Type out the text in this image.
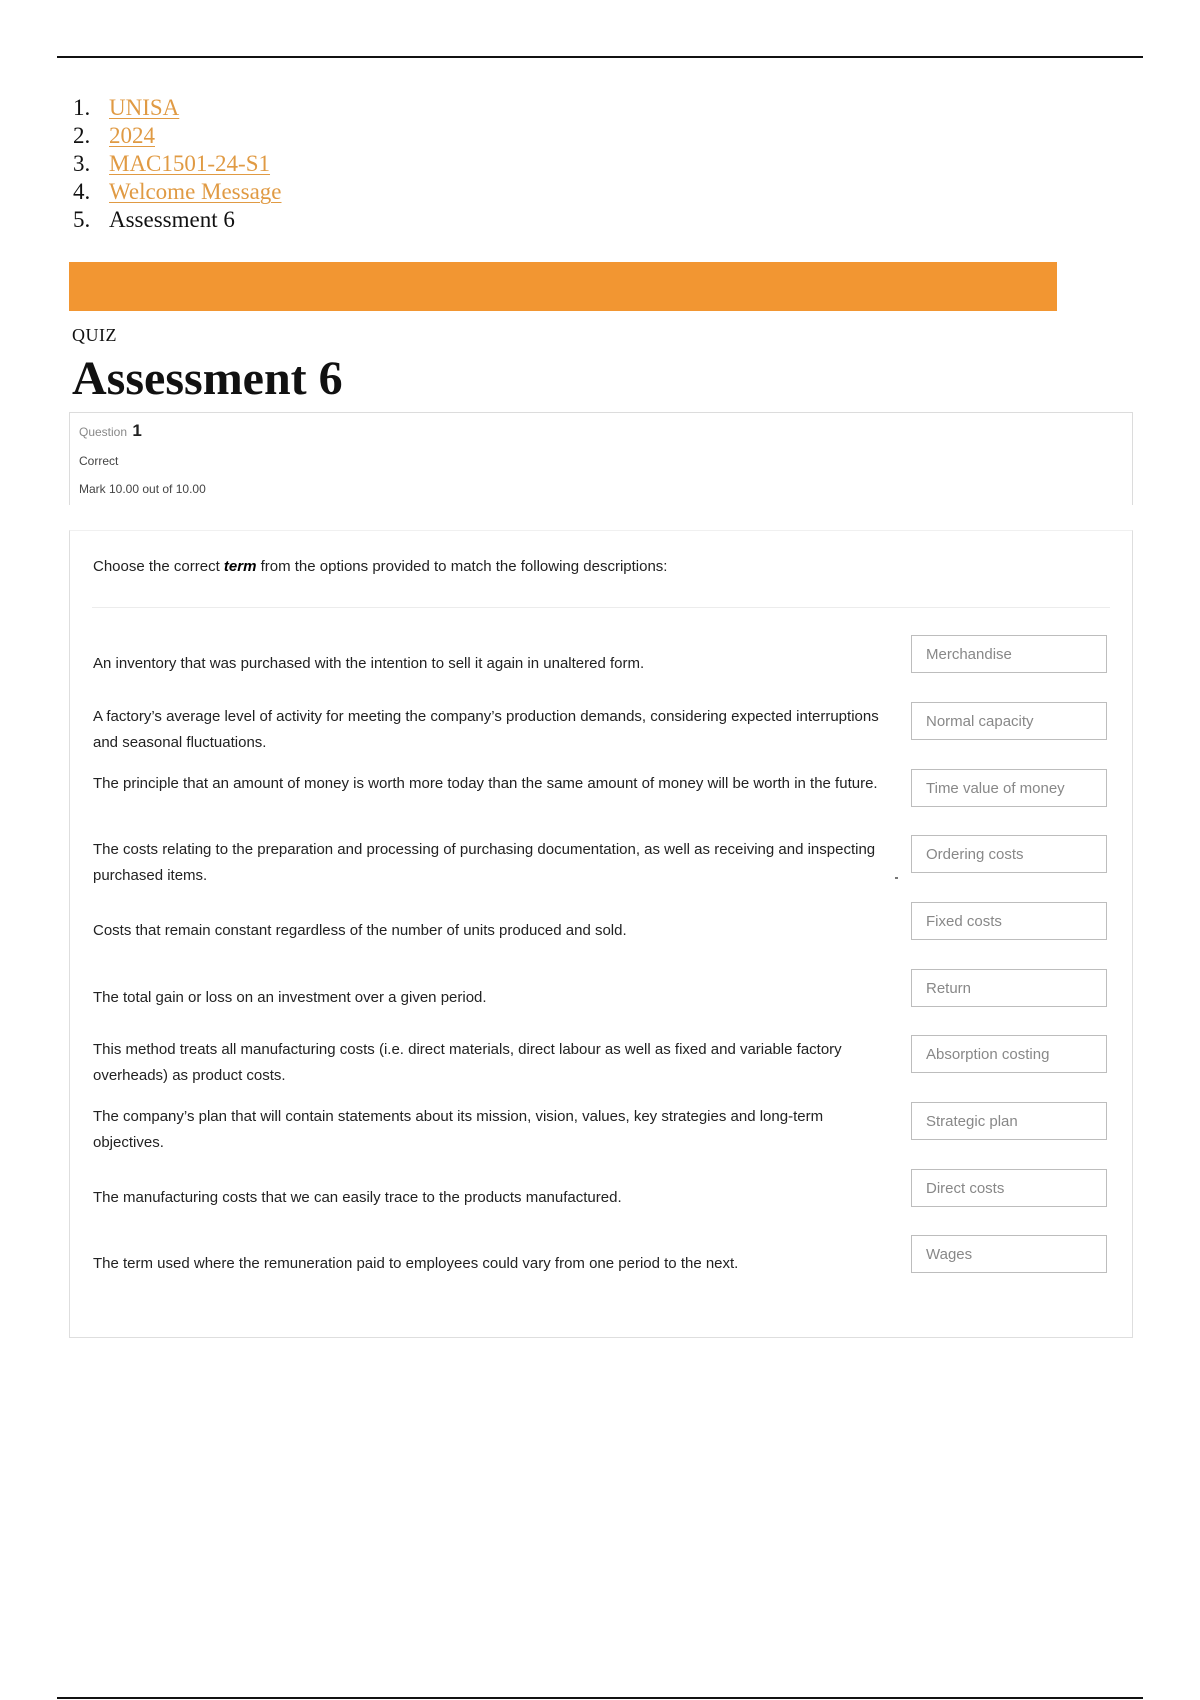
1. UNISA
2. 2024
3. MAC1501-24-S1
4. Welcome Message
5. Assessment 6
QUIZ
Assessment 6
Question 1
Correct
Mark 10.00 out of 10.00
Choose the correct term from the options provided to match the following descriptions:
An inventory that was purchased with the intention to sell it again in unaltered form.
Merchandise
A factory’s average level of activity for meeting the company’s production demands, considering expected interruptions and seasonal fluctuations.
Normal capacity
The principle that an amount of money is worth more today than the same amount of money will be worth in the future.	Time value of money
The costs relating to the preparation and processing of purchasing documentation, as well as receiving and inspecting purchased items.
Ordering costs
Costs that remain constant regardless of the number of units produced and sold.
Fixed costs
The total gain or loss on an investment over a given period.
Return
This method treats all manufacturing costs (i.e. direct materials, direct labour as well as fixed and variable factory overheads) as product costs.
Absorption costing
The company’s plan that will contain statements about its mission, vision, values, key strategies and long-term objectives.
Strategic plan
The manufacturing costs that we can easily trace to the products manufactured.
Direct costs
The term used where the remuneration paid to employees could vary from one period to the next.
Wages
